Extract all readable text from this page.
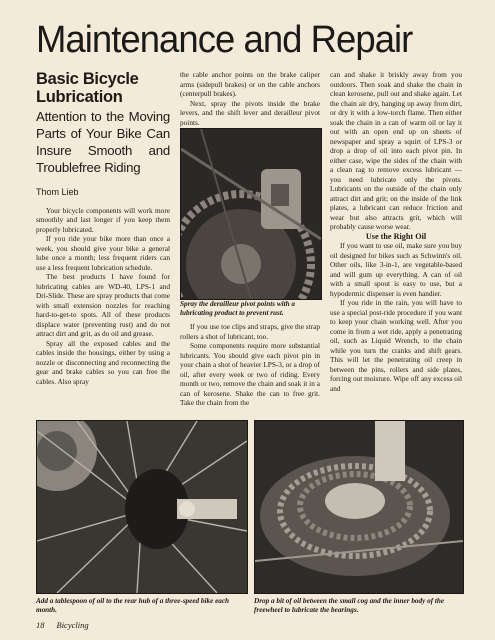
Maintenance and Repair
Basic Bicycle
Lubrication
Attention to the Moving Parts of Your Bike Can Insure Smooth and Troublefree Riding
Thom Lieb

Your bicycle components will work more smoothly and last longer if you keep them properly lubricated.

If you ride your bike more than once a week, you should give your bike a general lube once a month; less frequent riders can use a less frequent lubrication schedule.

The best products I have found for lubricating cables are WD-40, LPS-1 and Dri-Slide. These are spray products that come with small extension nozzles for reaching hard-to-get-to spots. All of these products displace water (preventing rust) and do not attract dirt and grit, as do oil and grease.

Spray all the exposed cables and the cables inside the housings, either by using a nozzle or disconnecting and reconnecting the gear and brake cables so you can free the cables. Also spray

the cable anchor points on the brake caliper arms (sidepull brakes) or on the cable anchors (centerpull brakes).

Next, spray the pivots inside the brake levers, and the shift lever and derailleur pivot points.

Spray the derailleur pivot points with a lubricating product to prevent rust.

If you use toe clips and straps, give the strap rollers a shot of lubricant, too.

Some components require more substantial lubricants. You should give each pivot pin in your chain a shot of heavier LPS-3, or a drop of oil, after every week or two of riding. Every month or two, remove the chain and soak it in a can of kerosene. Shake the can to free grit. Take the chain from the

can and shake it briskly away from you outdoors. Then soak and shake the chain in clean kerosene, pull out and shake again. Let the chain air dry, hanging up away from dirt, or dry it with a low-torch flame. Then either soak the chain in a can of warm oil or lay it out with an open end up on sheets of newspaper and spray a squirt of LPS-3 or drop a drop of oil into each pivot pin. In either case, wipe the sides of the chain with a clean rag to remove excess lubricant — you need lubricate only the pivots. Lubricants on the outside of the chain only attract dirt and grit; on the inside of the link plates, a lubricant can reduce friction and wear but also attracts grit, which will probably cause worse wear.

Use the Right Oil

If you want to use oil, make sure you buy oil designed for bikes such as Schwinn's oil. Other oils, like 3-in-1, are vegetable-based and will gum up everything. A can of oil with a small spout is easy to use, but a hypodermic dispenser is even handier.

If you ride in the rain, you will have to use a special post-ride procedure if you want to keep your chain working well. After you come in from a wet ride, apply a penetrating oil, such as Liquid Wrench, to the chain while you turn the cranks and shift gears. This will let the penetrating oil creep in between the pins, rollers and side plates, forcing out moisture. Wipe off any excess oil and

Add a tablespoon of oil to the rear hub of a three-speed bike each month.
Drop a bit of oil between the small cog and the inner body of the freewheel to lubricate the bearings.
18 Bicycling
